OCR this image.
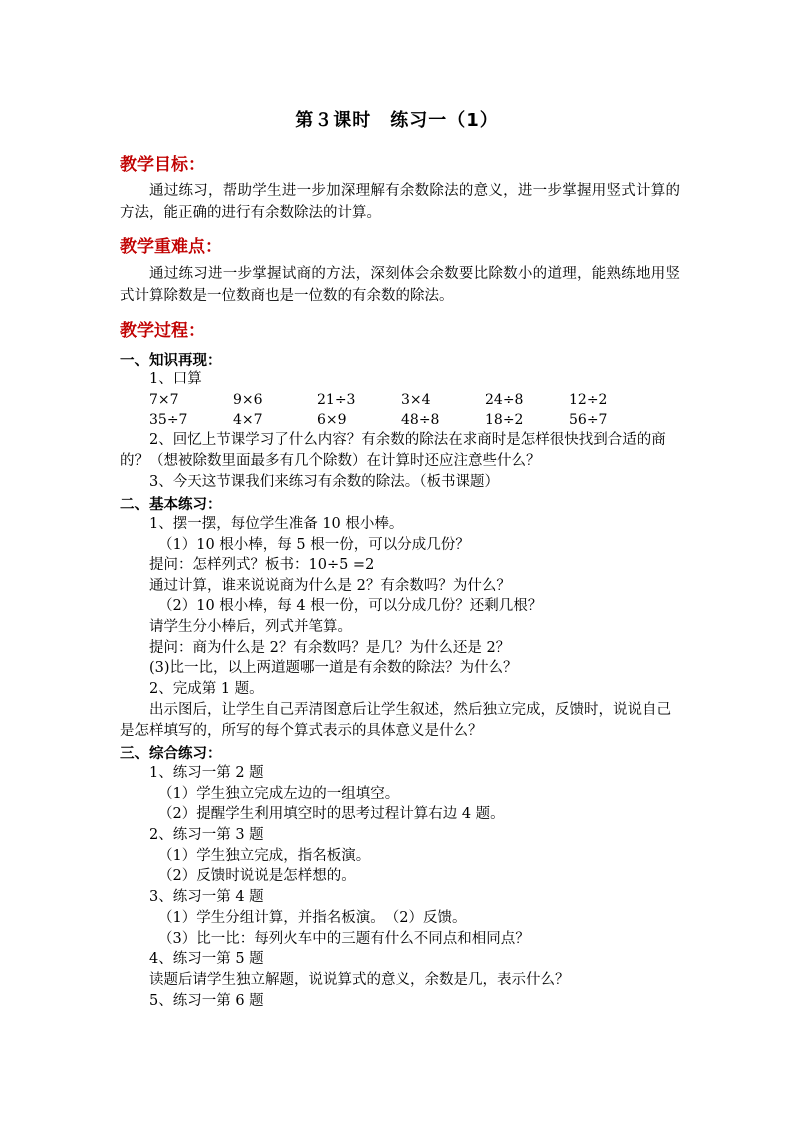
第３课时　练习一（1）
教学目标：
通过练习，帮助学生进一步加深理解有余数除法的意义，进一步掌握用竖式计算的方法，能正确的进行有余数除法的计算。
教学重难点：
通过练习进一步掌握试商的方法，深刻体会余数要比除数小的道理，能熟练地用竖式计算除数是一位数商也是一位数的有余数的除法。
教学过程：
一、知识再现：
1、口算
7×7	9×6	21÷3	3×4	24÷8	12÷2
35÷7	4×7	6×9	48÷8	18÷2	56÷7
2、回忆上节课学习了什么内容？有余数的除法在求商时是怎样很快找到合适的商的？（想被除数里面最多有几个除数）在计算时还应注意些什么？
3、今天这节课我们来练习有余数的除法。（板书课题）
二、基本练习：
1、摆一摆，每位学生准备 10 根小棒。
（1）10 根小棒，每 5 根一份，可以分成几份？
提问：怎样列式？板书：10÷5 =2
通过计算，谁来说说商为什么是 2？有余数吗？为什么？
（2）10 根小棒，每 4 根一份，可以分成几份？还剩几根？
请学生分小棒后，列式并笔算。
提问：商为什么是 2？有余数吗？是几？为什么还是 2？
(3)比一比，以上两道题哪一道是有余数的除法？为什么？
2、完成第 1 题。
出示图后，让学生自己弄清图意后让学生叙述，然后独立完成，反馈时，说说自己是怎样填写的，所写的每个算式表示的具体意义是什么？
三、综合练习：
1、练习一第 2 题
（1）学生独立完成左边的一组填空。
（2）提醒学生利用填空时的思考过程计算右边 4 题。
2、练习一第 3 题
（1）学生独立完成，指名板演。
（2）反馈时说说是怎样想的。
3、练习一第 4 题
（1）学生分组计算，并指名板演。　（2）反馈。
（3）比一比：每列火车中的三题有什么不同点和相同点？
4、练习一第 5 题
读题后请学生独立解题，说说算式的意义，余数是几，表示什么？
5、练习一第 6 题
